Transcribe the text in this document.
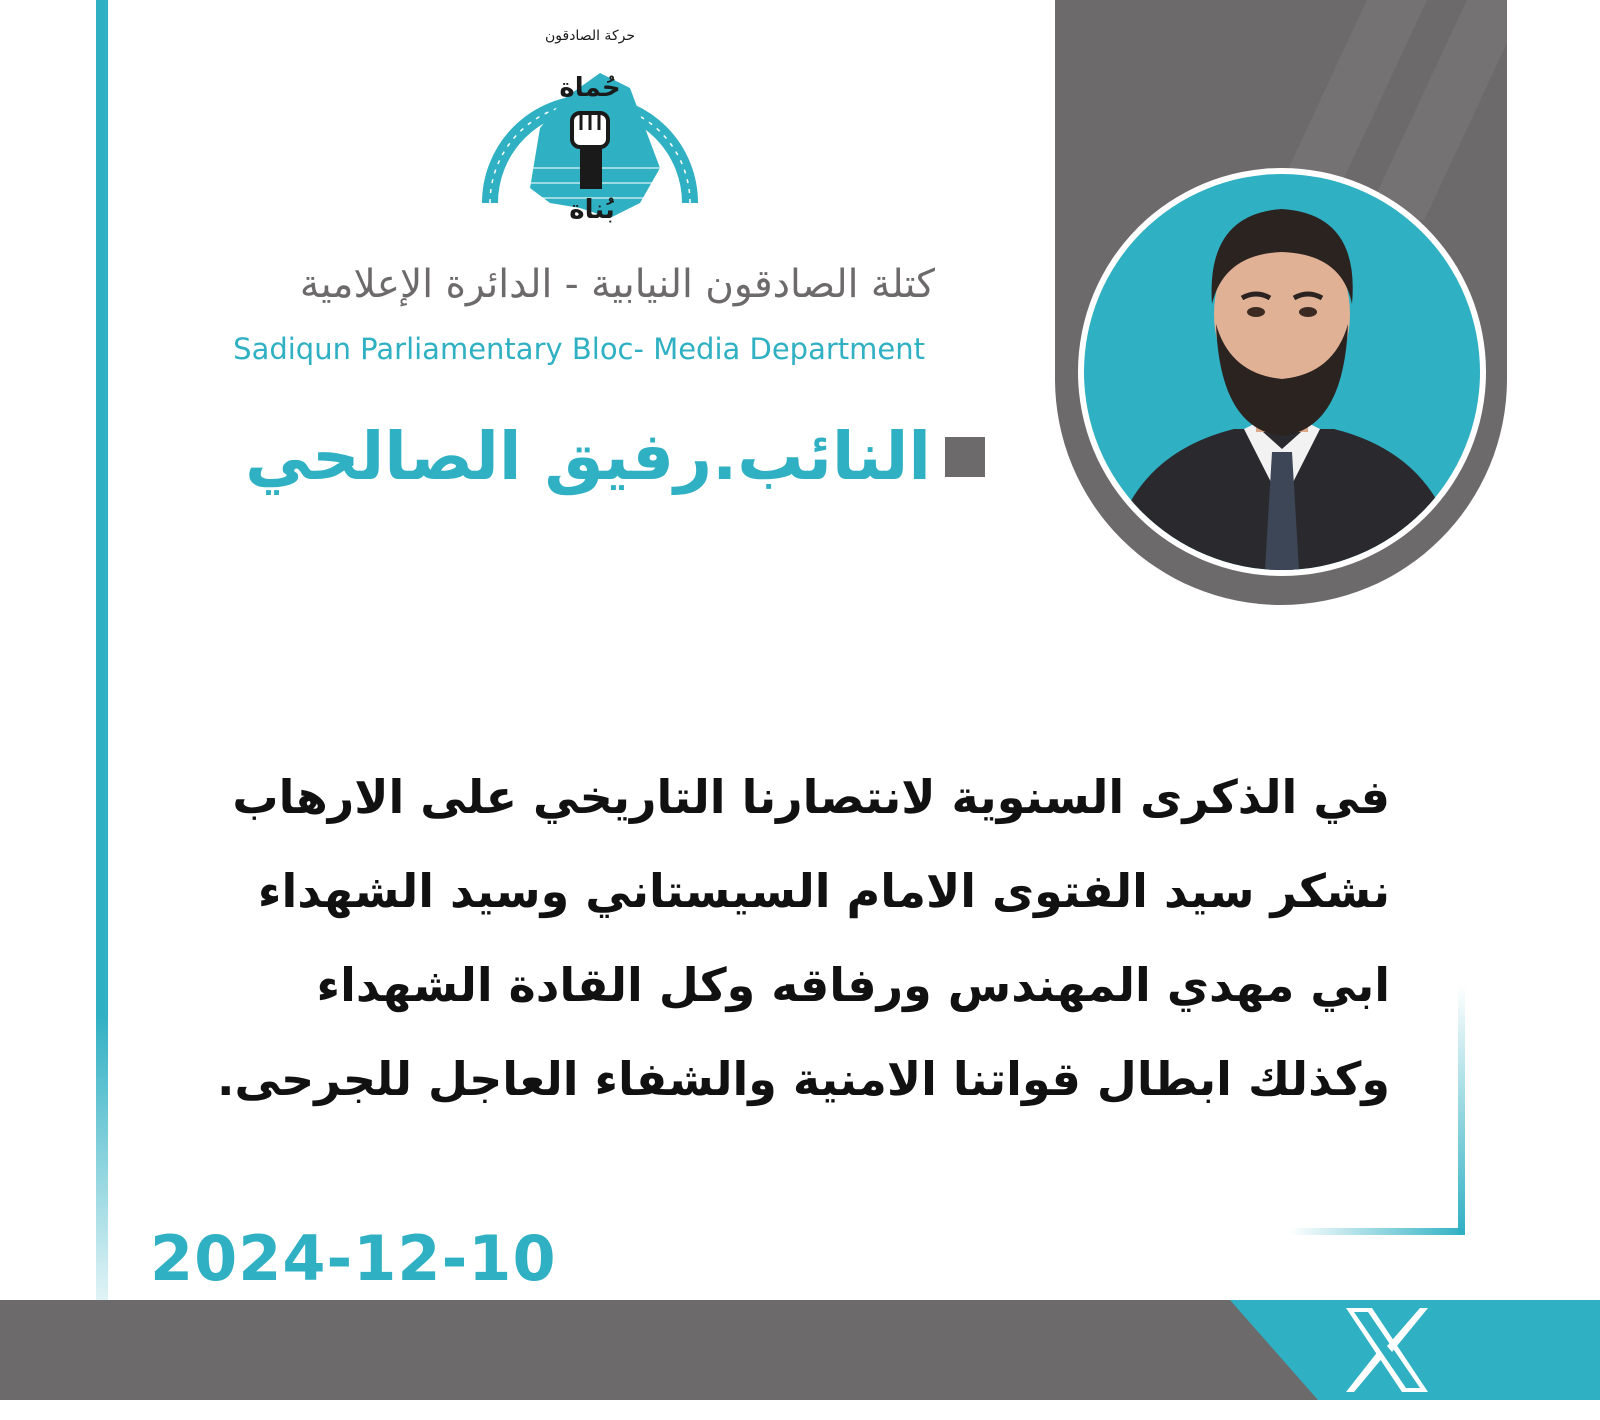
حُماة
بُناة
حركة الصادقون
كتلة الصادقون النيابية - الدائرة الإعلامية
Sadiqun Parliamentary Bloc- Media Department
النائب.رفيق الصالحي
في الذكرى السنوية لانتصارنا التاريخي على الارهاب
نشكر سيد الفتوى الامام السيستاني وسيد الشهداء
ابي مهدي المهندس ورفاقه وكل القادة الشهداء
وكذلك ابطال قواتنا الامنية والشفاء العاجل للجرحى.
2024-12-10
